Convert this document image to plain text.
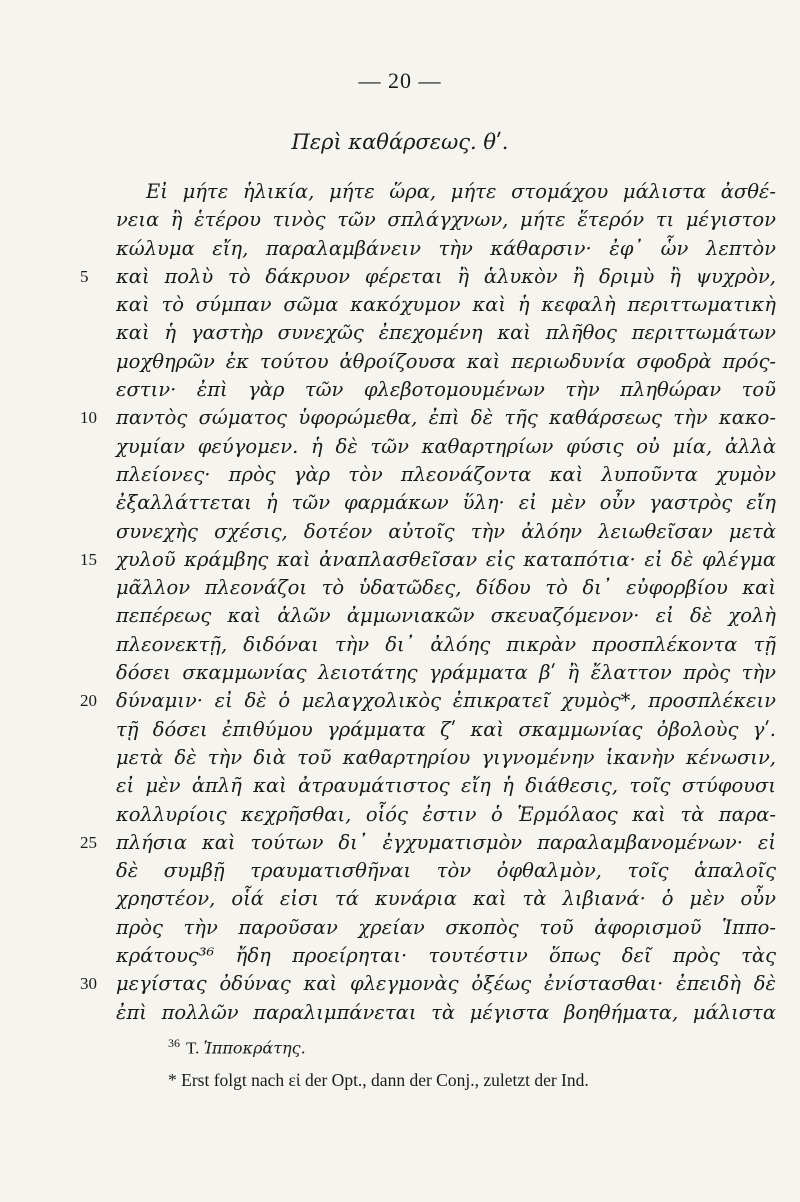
— 20 —
Περὶ καθάρσεως. θʹ.
Εἰ μήτε ἡλικία, μήτε ὥρα, μήτε στομάχου μάλιστα ἀσθέ-
νεια ἢ ἑτέρου τινὸς τῶν σπλάγχνων, μήτε ἕτερόν τι μέγιστον
κώλυμα εἴη, παραλαμβάνειν τὴν κάθαρσιν· ἐφ᾽ ὧν λεπτὸν
5	καὶ πολὺ τὸ δάκρυον φέρεται ἢ ἁλυκὸν ἢ δριμὺ ἢ ψυχρὸν,
καὶ τὸ σύμπαν σῶμα κακόχυμον καὶ ἡ κεφαλὴ περιττωματικὴ
καὶ ἡ γαστὴρ συνεχῶς ἐπεχομένη καὶ πλῆθος περιττωμάτων
μοχθηρῶν ἐκ τούτου ἀθροίζουσα καὶ περιωδυνία σφοδρὰ πρός-
εστιν· ἐπὶ γὰρ τῶν φλεβοτομουμένων τὴν πληθώραν τοῦ
10 παντὸς σώματος ὑφορώμεθα, ἐπὶ δὲ τῆς καθάρσεως τὴν κακο-
χυμίαν φεύγομεν. ἡ δὲ τῶν καθαρτηρίων φύσις οὐ μία, ἀλλὰ
πλείονες· πρὸς γὰρ τὸν πλεονάζοντα καὶ λυποῦντα χυμὸν
ἐξαλλάττεται ἡ τῶν φαρμάκων ὕλη· εἰ μὲν οὖν γαστρὸς εἴη
συνεχὴς σχέσις, δοτέον αὐτοῖς τὴν ἀλόην λειωθεῖσαν μετὰ
15 χυλοῦ κράμβης καὶ ἀναπλασθεῖσαν εἰς καταπότια· εἰ δὲ φλέγμα
μᾶλλον πλεονάζοι τὸ ὑδατῶδες, δίδου τὸ δι᾽ εὐφορβίου καὶ
πεπέρεως καὶ ἁλῶν ἀμμωνιακῶν σκευαζόμενον· εἰ δὲ χολὴ
πλεονεκτῇ, διδόναι τὴν δι᾽ ἀλόης πικρὰν προσπλέκοντα τῇ
δόσει σκαμμωνίας λειοτάτης γράμματα βʹ ἢ ἔλαττον πρὸς τὴν
20 δύναμιν· εἰ δὲ ὁ μελαγχολικὸς ἐπικρατεῖ χυμὸς*, προσπλέκειν
τῇ δόσει ἐπιθύμου γράμματα ζʹ καὶ σκαμμωνίας ὀβολοὺς γʹ.
μετὰ δὲ τὴν διὰ τοῦ καθαρτηρίου γιγνομένην ἱκανὴν κένωσιν,
εἰ μὲν ἁπλῆ καὶ ἀτραυμάτιστος εἴη ἡ διάθεσις, τοῖς στύφουσι
κολλυρίοις κεχρῆσθαι, οἷός ἐστιν ὁ Ἑρμόλαος καὶ τὰ παρα-
25 πλήσια καὶ τούτων δι᾽ ἐγχυματισμὸν παραλαμβανομένων· εἰ
δὲ συμβῇ τραυματισθῆναι τὸν ὀφθαλμὸν, τοῖς ἁπαλοῖς
χρηστέον, οἷά εἰσι τά κυνάρια καὶ τὰ λιβιανά· ὁ μὲν οὖν
πρὸς τὴν παροῦσαν χρείαν σκοπὸς τοῦ ἀφορισμοῦ Ἱππο-
κράτους³⁶ ἤδη προείρηται· τουτέστιν ὅπως δεῖ πρὸς τὰς
30 μεγίστας ὀδύνας καὶ φλεγμονὰς ὀξέως ἐνίστασθαι· ἐπειδὴ δὲ
ἐπὶ πολλῶν παραλιμπάνεται τὰ μέγιστα βοηθήματα, μάλιστα
$^{36}$ T. Ἱπποκράτης.
* Erst folgt nach εἰ der Opt., dann der Conj., zuletzt der Ind.
